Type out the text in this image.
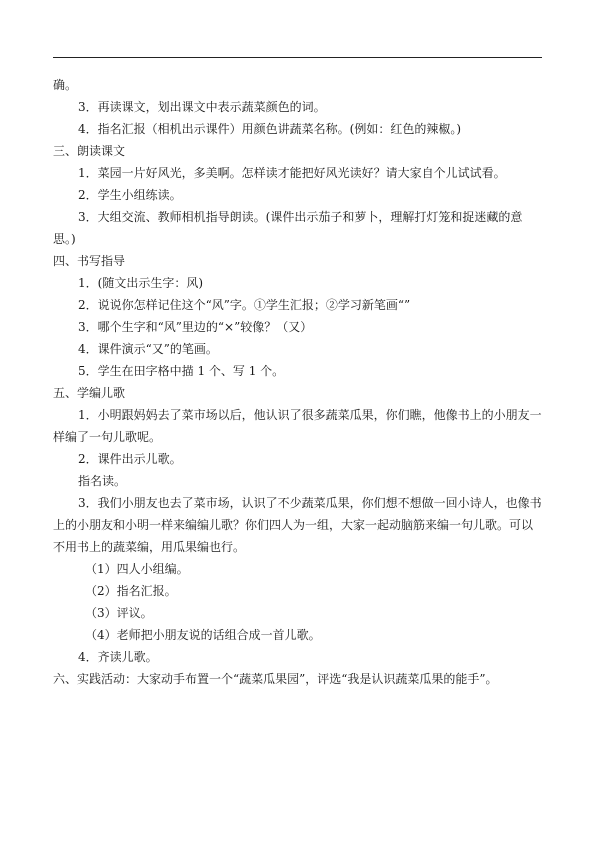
确。
3．再读课文，划出课文中表示蔬菜颜色的词。
4．指名汇报（相机出示课件）用颜色讲蔬菜名称。(例如：红色的辣椒。)
三、朗读课文
1．菜园一片好风光，多美啊。怎样读才能把好风光读好？请大家自个儿试试看。
2．学生小组练读。
3．大组交流、教师相机指导朗读。(课件出示茄子和萝卜，理解打灯笼和捉迷藏的意
思。)
四、书写指导
1．(随文出示生字：风)
2．说说你怎样记住这个“风”字。①学生汇报；②学习新笔画“”
3．哪个生字和“风”里边的“×”较像？（又）
4．课件演示“又”的笔画。
5．学生在田字格中描 1 个、写 1 个。
五、学编儿歌
1．小明跟妈妈去了菜市场以后，他认识了很多蔬菜瓜果，你们瞧，他像书上的小朋友一
样编了一句儿歌呢。
2．课件出示儿歌。
指名读。
3．我们小朋友也去了菜市场，认识了不少蔬菜瓜果，你们想不想做一回小诗人，也像书
上的小朋友和小明一样来编编儿歌？你们四人为一组，大家一起动脑筋来编一句儿歌。可以
不用书上的蔬菜编，用瓜果编也行。
（1）四人小组编。
（2）指名汇报。
（3）评议。
（4）老师把小朋友说的话组合成一首儿歌。
4．齐读儿歌。
六、实践活动：大家动手布置一个“蔬菜瓜果园”，评选“我是认识蔬菜瓜果的能手”。
